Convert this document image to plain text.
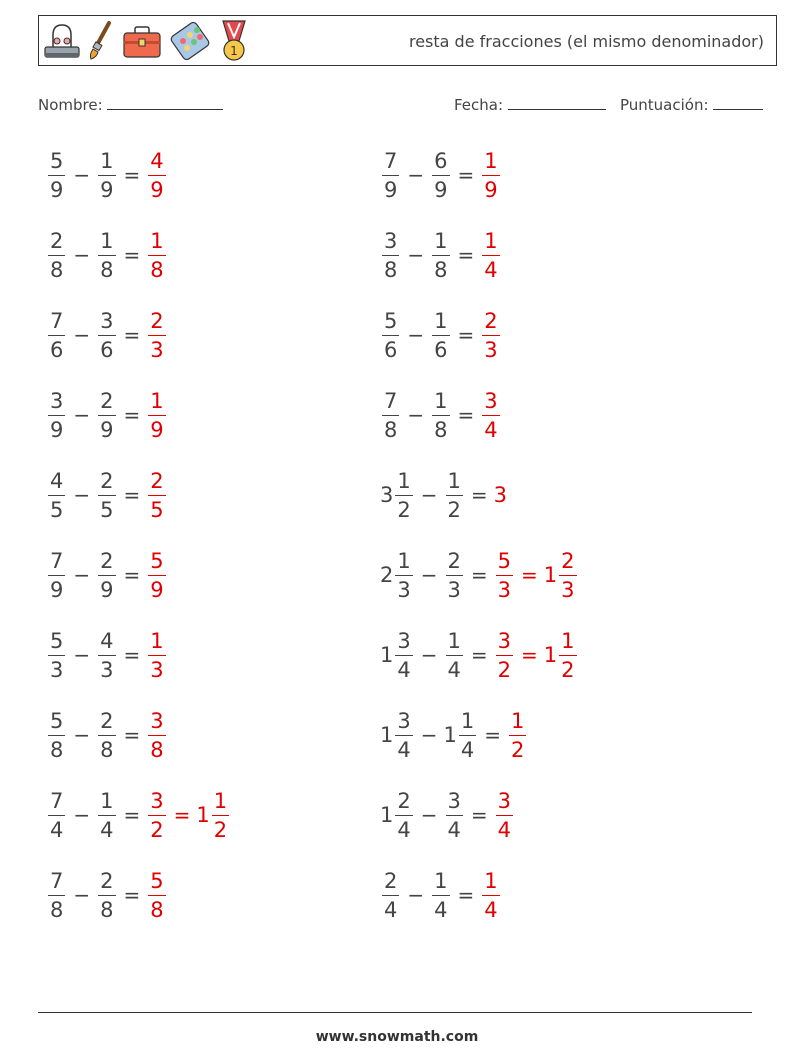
1	resta de fracciones (el mismo denominador)
Nombre:	Fecha:	Puntuación:
$\frac{5}{9} - \frac{1}{9} = \frac{4}{9}$
$\frac{2}{8} - \frac{1}{8} = \frac{1}{8}$
$\frac{7}{6} - \frac{3}{6} = \frac{2}{3}$
$\frac{3}{9} - \frac{2}{9} = \frac{1}{9}$
$\frac{4}{5} - \frac{2}{5} = \frac{2}{5}$
$\frac{7}{9} - \frac{2}{9} = \frac{5}{9}$
$\frac{5}{3} - \frac{4}{3} = \frac{1}{3}$
$\frac{5}{8} - \frac{2}{8} = \frac{3}{8}$
$\frac{7}{4} - \frac{1}{4} = \frac{3}{2} = 1 \frac{1}{2}$
$\frac{7}{8} - \frac{2}{8} = \frac{5}{8}$
$\frac{7}{9} - \frac{6}{9} = \frac{1}{9}$
$\frac{3}{8} - \frac{1}{8} = \frac{1}{4}$
$\frac{5}{6} - \frac{1}{6} = \frac{2}{3}$
$\frac{7}{8} - \frac{1}{8} = \frac{3}{4}$
$3 \frac{1}{2} - \frac{1}{2} = 3$
$2 \frac{1}{3} - \frac{2}{3} = \frac{5}{3} = 1 \frac{2}{3}$
$1 \frac{3}{4} - \frac{1}{4} = \frac{3}{2} = 1 \frac{1}{2}$
$1 \frac{3}{4} - 1 \frac{1}{4} = \frac{1}{2}$
$1 \frac{2}{4} - \frac{3}{4} = \frac{3}{4}$
$\frac{2}{4} - \frac{1}{4} = \frac{1}{4}$
www.snowmath.com
